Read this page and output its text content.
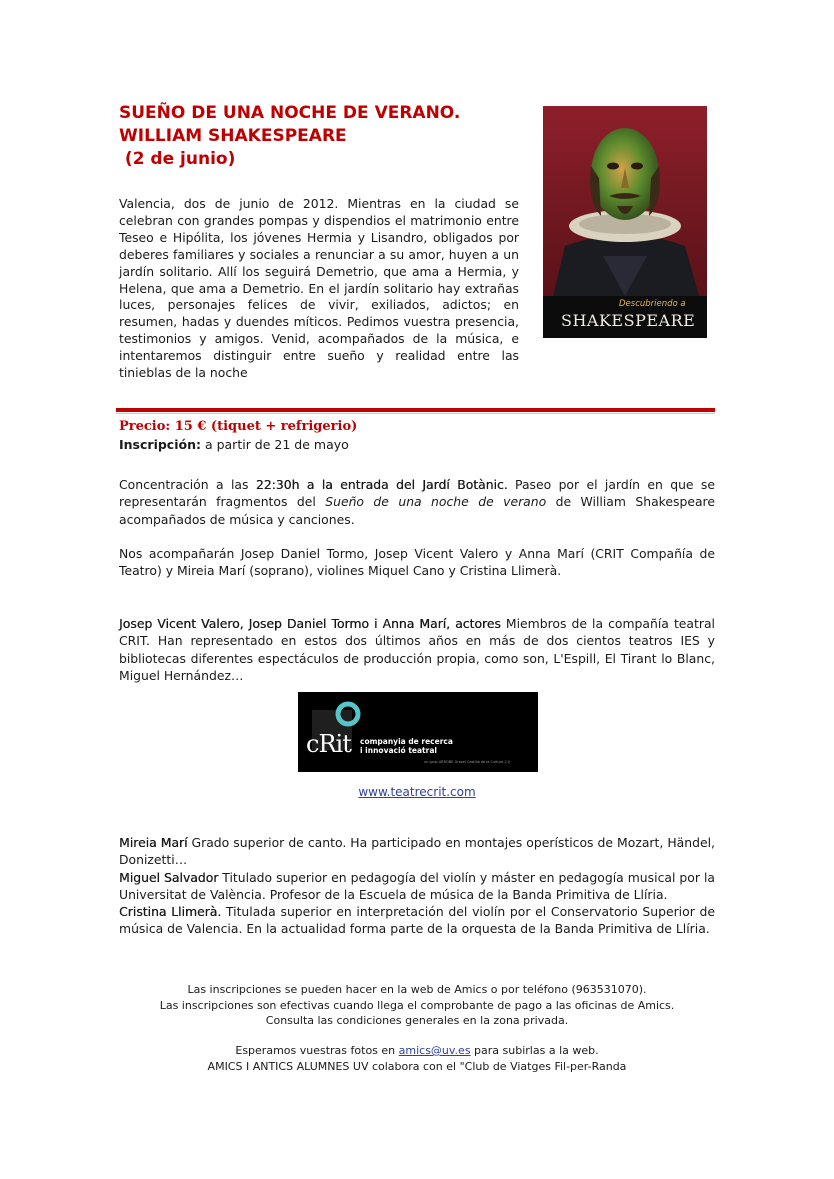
SUEÑO DE UNA NOCHE DE VERANO.
WILLIAM SHAKESPEARE
(2 de junio)
Valencia, dos de junio de 2012. Mientras en la ciudad se celebran con grandes pompas y dispendios el matrimonio entre Teseo e Hipólita, los jóvenes Hermia y Lisandro, obligados por deberes familiares y sociales a renunciar a su amor, huyen a un jardín solitario. Allí los seguirá Demetrio, que ama a Hermia, y Helena, que ama a Demetrio. En el jardín solitario hay extrañas luces, personajes felices de vivir, exiliados, adictos; en resumen, hadas y duendes míticos. Pedimos vuestra presencia, testimonios y amigos. Venid, acompañados de la música, e intentaremos distinguir entre sueño y realidad entre las tinieblas de la noche
Descubriendo a
SHAKESPEARE
Precio: 15 € (tiquet + refrigerio)
Inscripción: a partir de 21 de mayo
Concentración a las 22:30h a la entrada del Jardí Botànic. Paseo por el jardín en que se representarán fragmentos del Sueño de una noche de verano de William Shakespeare acompañados de música y canciones.
Nos acompañarán Josep Daniel Tormo, Josep Vicent Valero y Anna Marí (CRIT Compañía de Teatro) y Mireia Marí (soprano), violines Miquel Cano y Cristina Llimerà.
Josep Vicent Valero, Josep Daniel Tormo i Anna Marí, actores Miembros de la compañía teatral CRIT. Han representado en estos dos últimos años en más de dos cientos teatros IES y bibliotecas diferentes espectáculos de producción propia, como son, L'Espill, El Tirant lo Blanc, Miguel Hernández…
cRit companyia de recerca
i innovació teatral
un grup ARROBE Grazel Castillo de la Cultura 2.0
www.teatrecrit.com
Mireia Marí Grado superior de canto. Ha participado en montajes operísticos de Mozart, Händel, Donizetti…
Miguel Salvador Titulado superior en pedagogía del violín y máster en pedagogía musical por la Universitat de València. Profesor de la Escuela de música de la Banda Primitiva de Llíria.
Cristina Llimerà. Titulada superior en interpretación del violín por el Conservatorio Superior de música de Valencia. En la actualidad forma parte de la orquesta de la Banda Primitiva de Llíria.
Las inscripciones se pueden hacer en la web de Amics o por teléfono (963531070).
Las inscripciones son efectivas cuando llega el comprobante de pago a las oficinas de Amics.
Consulta las condiciones generales en la zona privada.
Esperamos vuestras fotos en amics@uv.es para subirlas a la web.
AMICS I ANTICS ALUMNES UV colabora con el "Club de Viatges Fil-per-Randa
